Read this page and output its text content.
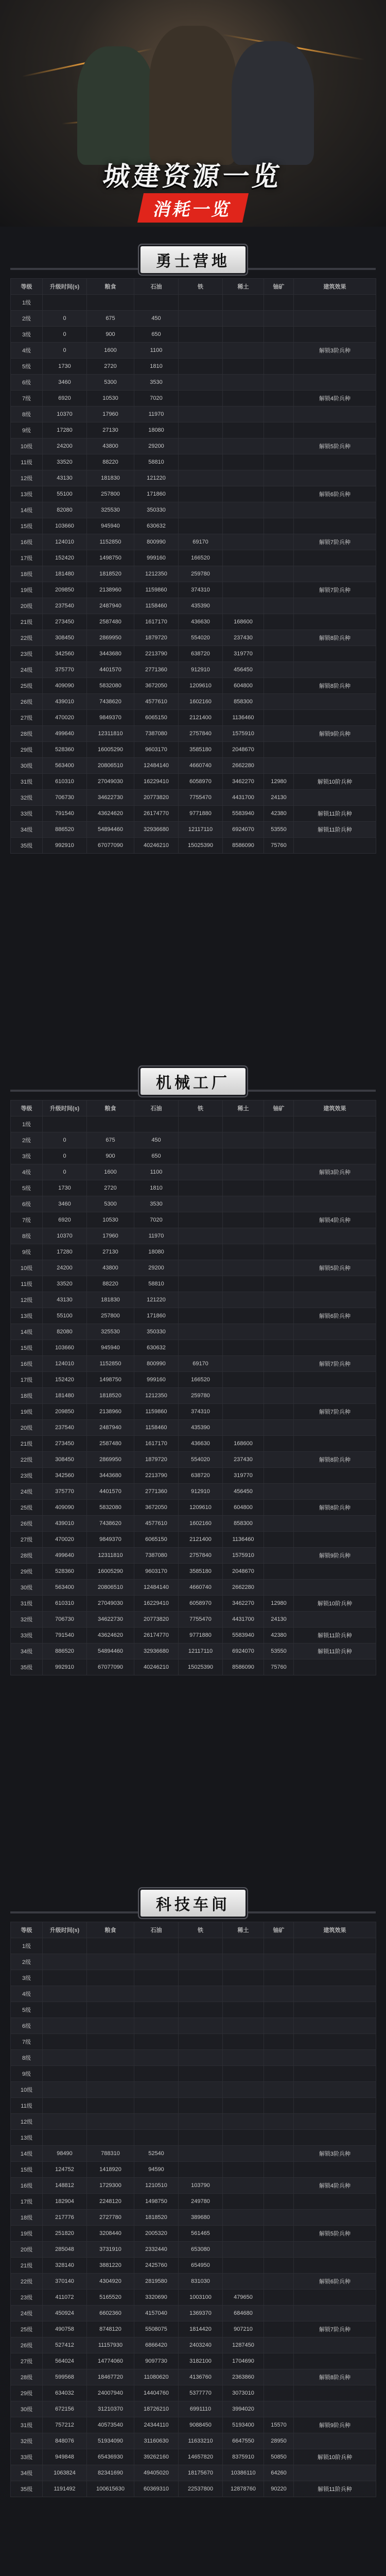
城建资源一览
消耗一览
勇士营地
等级	升级时间(s)	粮食	石油	铁	稀土	铀矿	建筑效果
1级							
2级	0	675	450				
3级	0	900	650				
4级	0	1600	1100				解锁3阶兵种
5级	1730	2720	1810				
6级	3460	5300	3530				
7级	6920	10530	7020				解锁4阶兵种
8级	10370	17960	11970				
9级	17280	27130	18080				
10级	24200	43800	29200				解锁5阶兵种
11级	33520	88220	58810				
12级	43130	181830	121220				
13级	55100	257800	171860				解锁6阶兵种
14级	82080	325530	350330				
15级	103660	945940	630632				
16级	124010	1152850	800990	69170			解锁7阶兵种
17级	152420	1498750	999160	166520			
18级	181480	1818520	1212350	259780			
19级	209850	2138960	1159860	374310			解锁7阶兵种
20级	237540	2487940	1158460	435390			
21级	273450	2587480	1617170	436630	168600		
22级	308450	2869950	1879720	554020	237430		解锁8阶兵种
23级	342560	3443680	2213790	638720	319770		
24级	375770	4401570	2771360	912910	456450		
25级	409090	5832080	3672050	1209610	604800		解锁8阶兵种
26级	439010	7438620	4577610	1602160	858300		
27级	470020	9849370	6065150	2121400	1136460		
28级	499640	12311810	7387080	2757840	1575910		解锁9阶兵种
29级	528360	16005290	9603170	3585180	2048670		
30级	563400	20806510	12484140	4660740	2662280		
31级	610310	27049030	16229410	6058970	3462270	12980	解锁10阶兵种
32级	706730	34622730	20773820	7755470	4431700	24130	
33级	791540	43624620	26174770	9771880	5583940	42380	解锁11阶兵种
34级	886520	54894460	32936680	12117110	6924070	53550	解锁11阶兵种
35级	992910	67077090	40246210	15025390	8586090	75760	
机械工厂
等级	升级时间(s)	粮食	石油	铁	稀土	铀矿	建筑效果
1级							
2级	0	675	450				
3级	0	900	650				
4级	0	1600	1100				解锁3阶兵种
5级	1730	2720	1810				
6级	3460	5300	3530				
7级	6920	10530	7020				解锁4阶兵种
8级	10370	17960	11970				
9级	17280	27130	18080				
10级	24200	43800	29200				解锁5阶兵种
11级	33520	88220	58810				
12级	43130	181830	121220				
13级	55100	257800	171860				解锁6阶兵种
14级	82080	325530	350330				
15级	103660	945940	630632				
16级	124010	1152850	800990	69170			解锁7阶兵种
17级	152420	1498750	999160	166520			
18级	181480	1818520	1212350	259780			
19级	209850	2138960	1159860	374310			解锁7阶兵种
20级	237540	2487940	1158460	435390			
21级	273450	2587480	1617170	436630	168600		
22级	308450	2869950	1879720	554020	237430		解锁8阶兵种
23级	342560	3443680	2213790	638720	319770		
24级	375770	4401570	2771360	912910	456450		
25级	409090	5832080	3672050	1209610	604800		解锁8阶兵种
26级	439010	7438620	4577610	1602160	858300		
27级	470020	9849370	6065150	2121400	1136460		
28级	499640	12311810	7387080	2757840	1575910		解锁9阶兵种
29级	528360	16005290	9603170	3585180	2048670		
30级	563400	20806510	12484140	4660740	2662280		
31级	610310	27049030	16229410	6058970	3462270	12980	解锁10阶兵种
32级	706730	34622730	20773820	7755470	4431700	24130	
33级	791540	43624620	26174770	9771880	5583940	42380	解锁11阶兵种
34级	886520	54894460	32936680	12117110	6924070	53550	解锁11阶兵种
35级	992910	67077090	40246210	15025390	8586090	75760	
科技车间
等级	升级时间(s)	粮食	石油	铁	稀土	铀矿	建筑效果
1级							
2级							
3级							
4级							
5级							
6级							
7级							
8级							
9级							
10级							
11级							
12级							
13级							
14级	98490	788310	52540				解锁3阶兵种
15级	124752	1418920	94590				
16级	148812	1729300	1210510	103790			解锁4阶兵种
17级	182904	2248120	1498750	249780			
18级	217776	2727780	1818520	389680			
19级	251820	3208440	2005320	561465			解锁5阶兵种
20级	285048	3731910	2332440	653080			
21级	328140	3881220	2425760	654950			
22级	370140	4304920	2819580	831030			解锁6阶兵种
23级	411072	5165520	3320690	1003100	479650		
24级	450924	6602360	4157040	1369370	684680		
25级	490758	8748120	5508075	1814420	907210		解锁7阶兵种
26级	527412	11157930	6866420	2403240	1287450		
27级	564024	14774060	9097730	3182100	1704690		
28级	599568	18467720	11080620	4136760	2363860		解锁8阶兵种
29级	634032	24007940	14404760	5377770	3073010		
30级	672156	31210370	18726210	6991110	3994020		
31级	757212	40573540	24344110	9088450	5193400	15570	解锁9阶兵种
32级	848076	51934090	31160630	11633210	6647550	28950	
33级	949848	65436930	39262160	14657820	8375910	50850	解锁10阶兵种
34级	1063824	82341690	49405020	18175670	10386110	64260	
35级	1191492	100615630	60369310	22537800	12878760	90220	解锁11阶兵种
